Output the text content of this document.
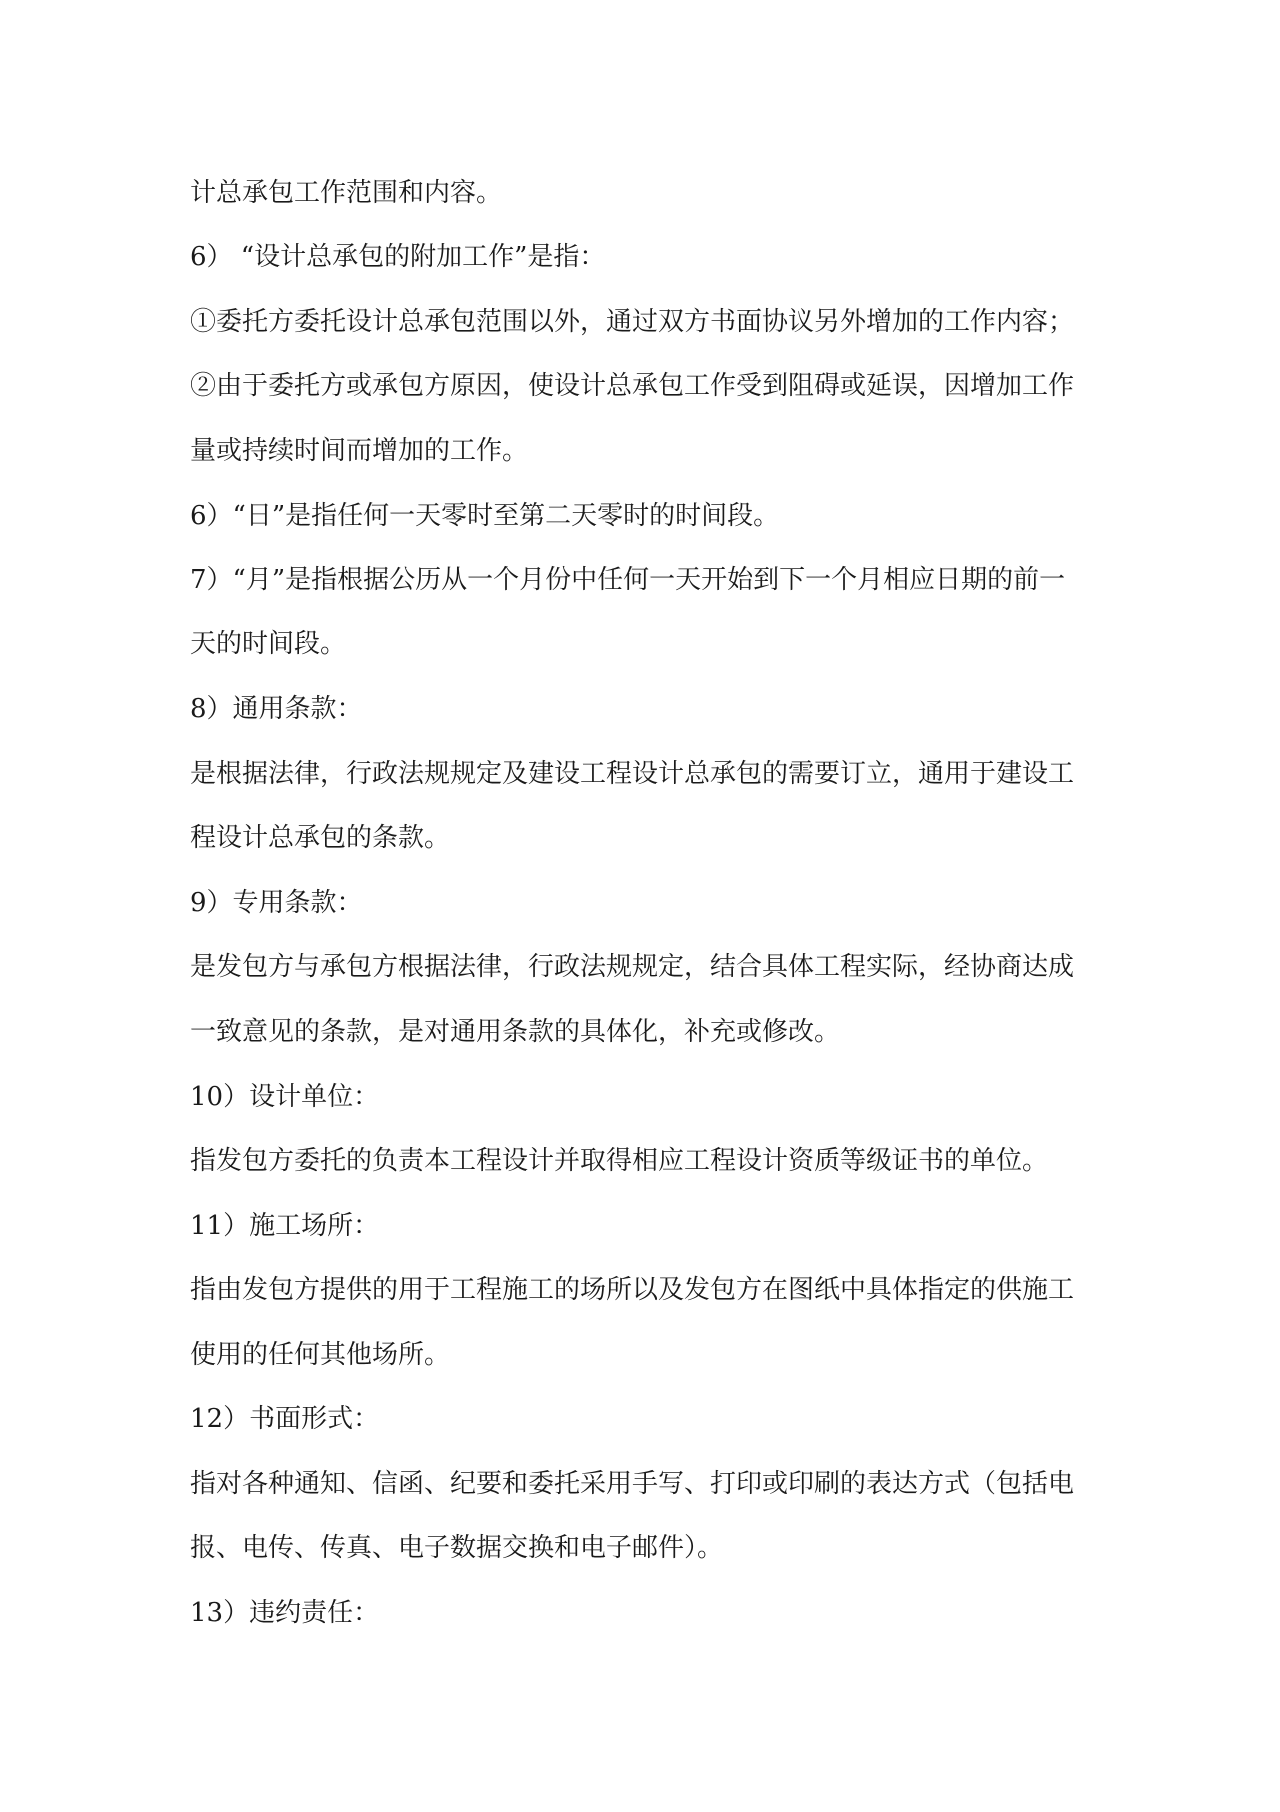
计总承包工作范围和内容。

6） “设计总承包的附加工作”是指：

①委托方委托设计总承包范围以外，通过双方书面协议另外增加的工作内容；

②由于委托方或承包方原因，使设计总承包工作受到阻碍或延误，因增加工作

量或持续时间而增加的工作。

6）“日”是指任何一天零时至第二天零时的时间段。

7）“月”是指根据公历从一个月份中任何一天开始到下一个月相应日期的前一

天的时间段。

8）通用条款：

是根据法律，行政法规规定及建设工程设计总承包的需要订立，通用于建设工

程设计总承包的条款。

9）专用条款：

是发包方与承包方根据法律，行政法规规定，结合具体工程实际，经协商达成

一致意见的条款，是对通用条款的具体化，补充或修改。

10）设计单位：

指发包方委托的负责本工程设计并取得相应工程设计资质等级证书的单位。

11）施工场所：

指由发包方提供的用于工程施工的场所以及发包方在图纸中具体指定的供施工

使用的任何其他场所。

12）书面形式：

指对各种通知、信函、纪要和委托采用手写、打印或印刷的表达方式（包括电

报、电传、传真、电子数据交换和电子邮件）。

13）违约责任：
